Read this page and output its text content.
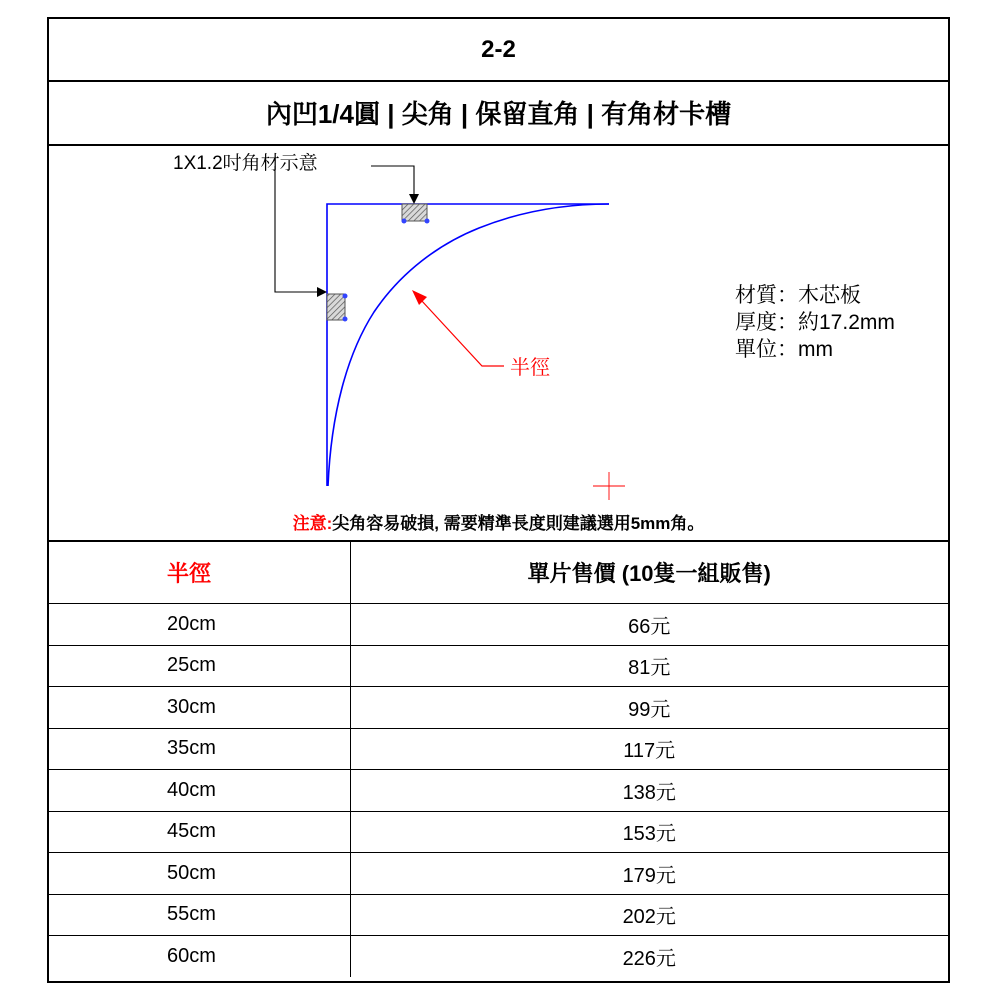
2-2
內凹1/4圓 | 尖角 | 保留直角 | 有角材卡槽
1X1.2吋角材示意
半徑
材質：木芯板
厚度：約17.2mm
單位：mm
注意:尖角容易破損, 需要精準長度則建議選用5mm角。
半徑	單片售價 (10隻一組販售)
20cm	66元
25cm	81元
30cm	99元
35cm	117元
40cm	138元
45cm	153元
50cm	179元
55cm	202元
60cm	226元
